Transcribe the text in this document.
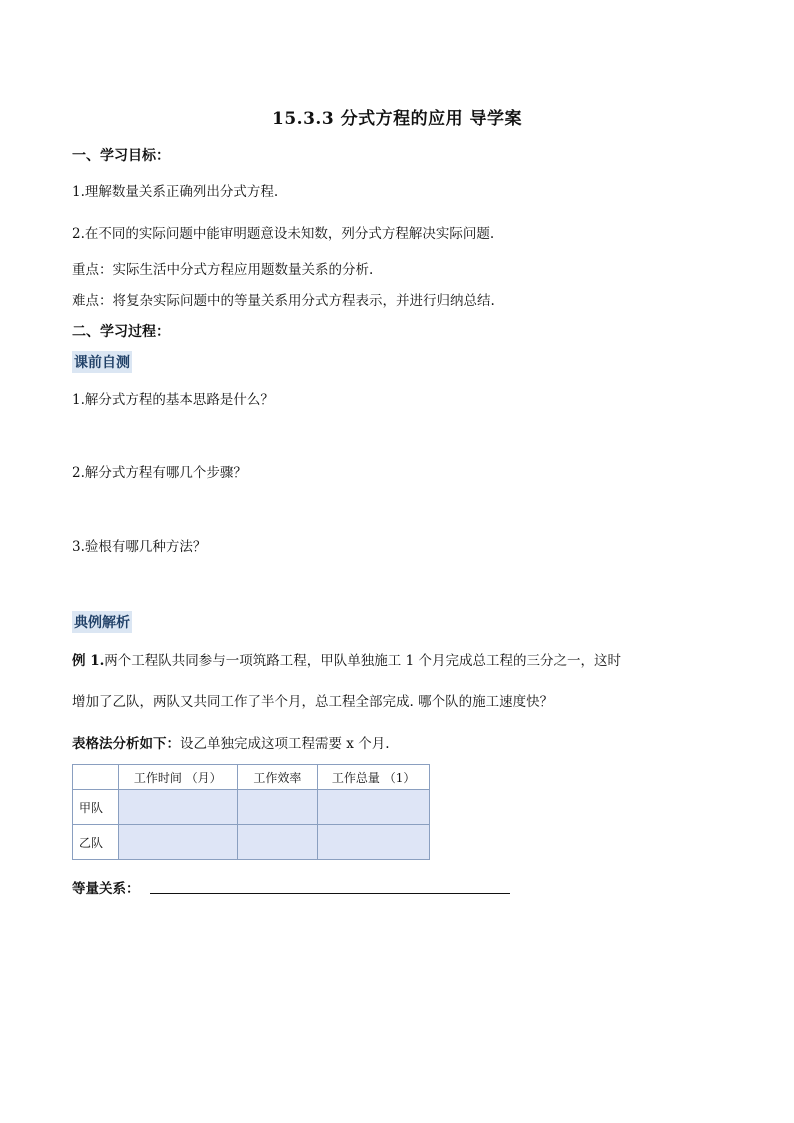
15.3.3 分式方程的应用 导学案
一、学习目标：
1.理解数量关系正确列出分式方程.
2.在不同的实际问题中能审明题意设未知数，列分式方程解决实际问题.
重点：实际生活中分式方程应用题数量关系的分析.
难点：将复杂实际问题中的等量关系用分式方程表示，并进行归纳总结.
二、学习过程：
课前自测
1.解分式方程的基本思路是什么？
2.解分式方程有哪几个步骤？
3.验根有哪几种方法？
典例解析
例 1.两个工程队共同参与一项筑路工程，甲队单独施工 1 个月完成总工程的三分之一，这时
增加了乙队，两队又共同工作了半个月，总工程全部完成. 哪个队的施工速度快？
表格法分析如下：设乙单独完成这项工程需要 x 个月.
	工作时间 （月）	工作效率	工作总量 （1）
甲队			
乙队			
等量关系：
